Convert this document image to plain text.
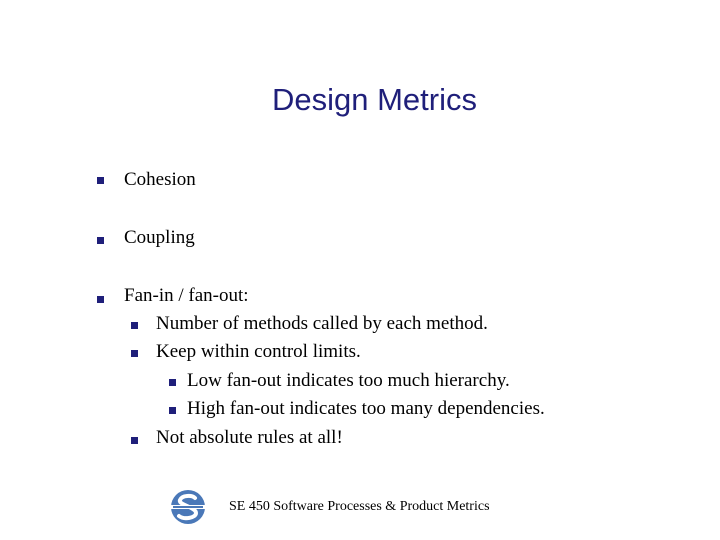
Design Metrics
Cohesion
Coupling
Fan-in / fan-out:
Number of methods called by each method.
Keep within control limits.
Low fan-out indicates too much hierarchy.
High fan-out indicates too many dependencies.
Not absolute rules at all!
SE 450 Software Processes & Product Metrics
